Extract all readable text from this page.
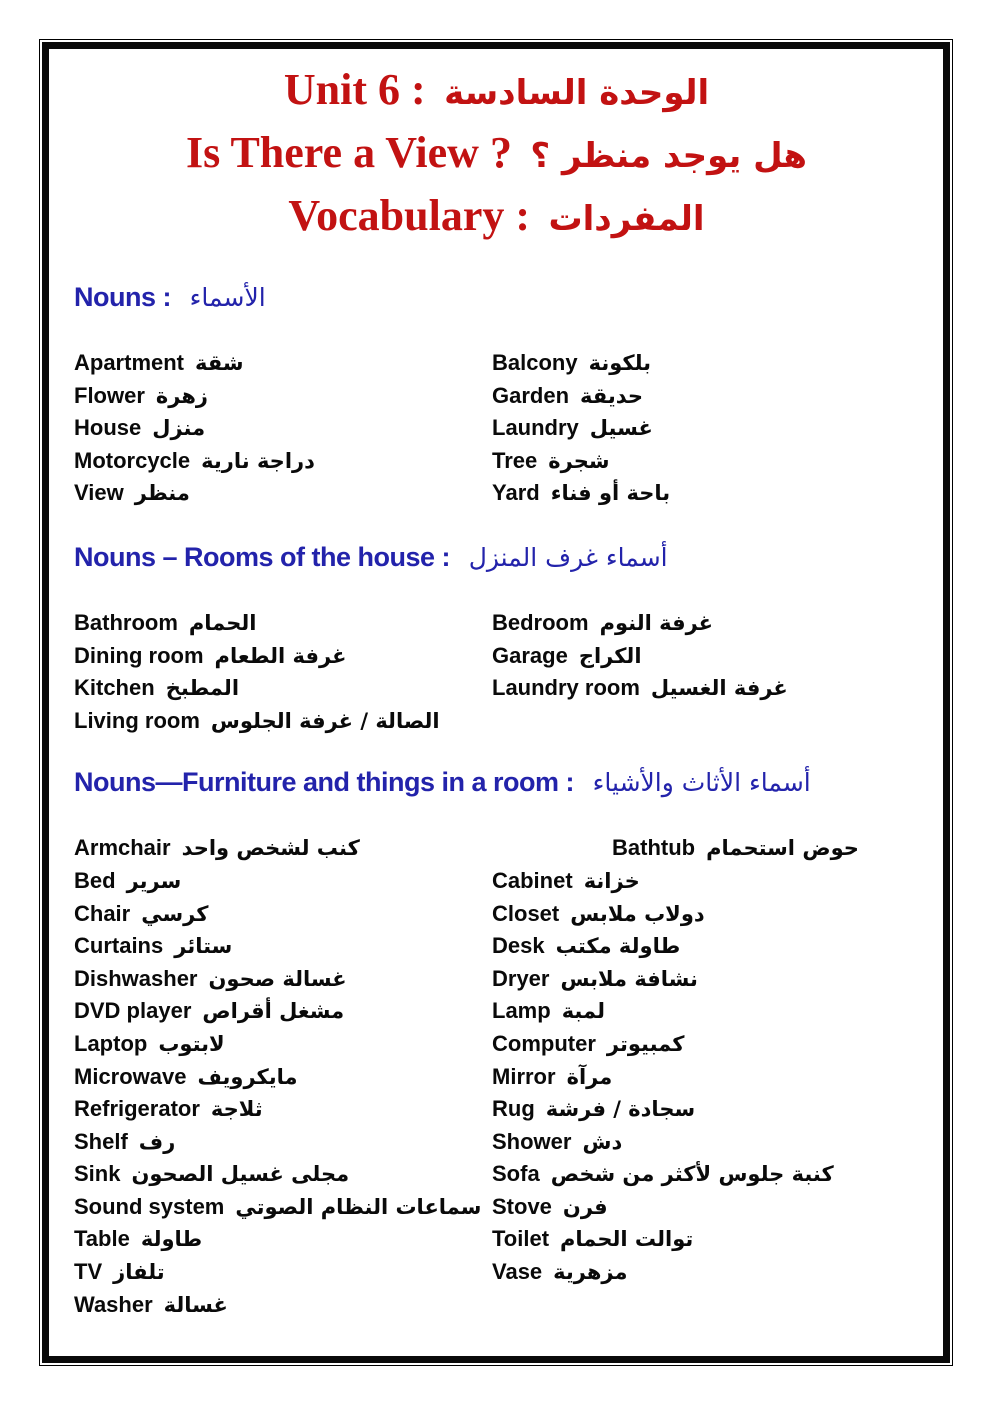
Unit 6 : الوحدة السادسة
Is There a View ? هل يوجد منظر ؟
Vocabulary : المفردات
Nouns : الأسماء
Apartment شقة
Flower زهرة
House منزل
Motorcycle دراجة نارية
View منظر
Balcony بلكونة
Garden حديقة
Laundry غسيل
Tree شجرة
Yard باحة أو فناء
Nouns – Rooms of the house : أسماء غرف المنزل
Bathroom الحمام
Dining room غرفة الطعام
Kitchen المطبخ
Living room الصالة / غرفة الجلوس
Bedroom غرفة النوم
Garage الكراج
Laundry room غرفة الغسيل
Nouns—Furniture and things in a room : أسماء الأثاث والأشياء
Armchair كنب لشخص واحد
Bed سرير
Chair كرسي
Curtains ستائر
Dishwasher غسالة صحون
DVD player مشغل أقراص
Laptop لابتوب
Microwave مايكرويف
Refrigerator ثلاجة
Shelf رف
Sink مجلى غسيل الصحون
Sound system سماعات النظام الصوتي
Table طاولة
TV تلفاز
Washer غسالة
Bathtub حوض استحمام
Cabinet خزانة
Closet دولاب ملابس
Desk طاولة مكتب
Dryer نشافة ملابس
Lamp لمبة
Computer كمبيوتر
Mirror مرآة
Rug سجادة / فرشة
Shower دش
Sofa كنبة جلوس لأكثر من شخص
Stove فرن
Toilet توالت الحمام
Vase مزهرية
